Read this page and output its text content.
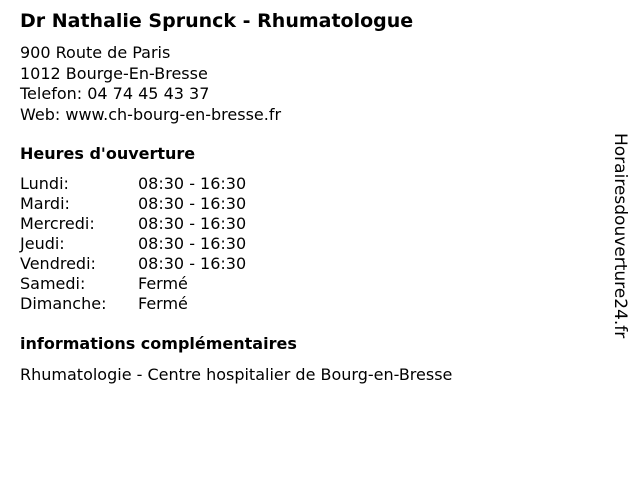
Dr Nathalie Sprunck - Rhumatologue
900 Route de Paris
1012 Bourge-En-Bresse
Telefon: 04 74 45 43 37
Web: www.ch-bourg-en-bresse.fr
Heures d'ouverture
Lundi:	08:30 - 16:30
Mardi:	08:30 - 16:30
Mercredi:	08:30 - 16:30
Jeudi:	08:30 - 16:30
Vendredi:	08:30 - 16:30
Samedi:	Fermé
Dimanche:	Fermé
informations complémentaires
Rhumatologie - Centre hospitalier de Bourg-en-Bresse
Horairesdouverture24.fr
